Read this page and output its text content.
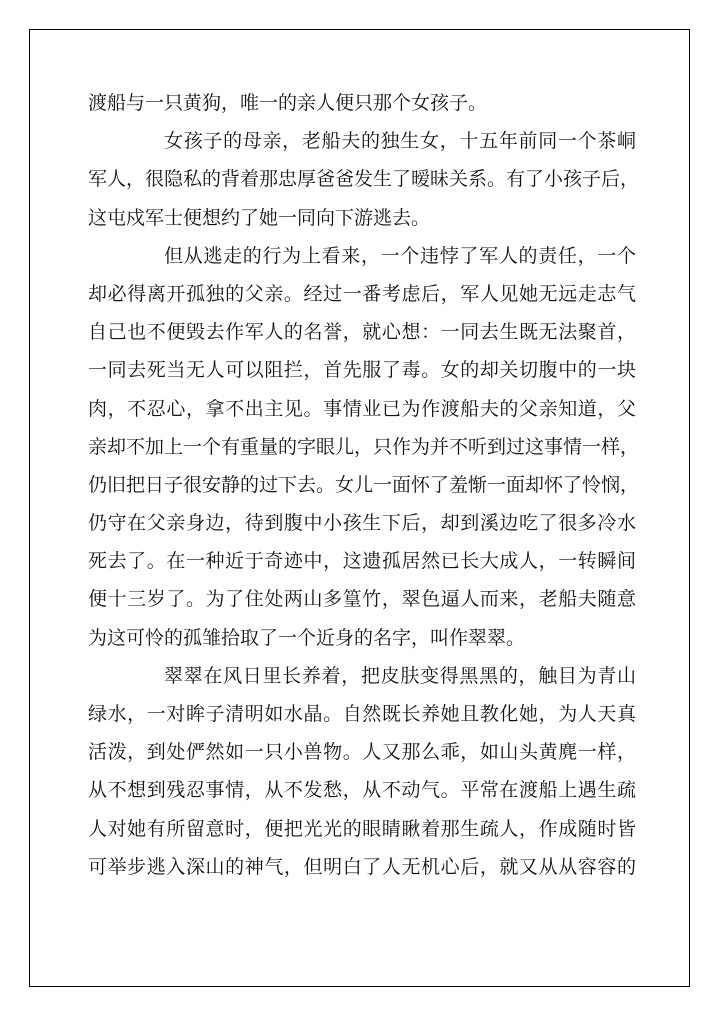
渡船与一只黄狗，唯一的亲人便只那个女孩子。
女孩子的母亲，老船夫的独生女，十五年前同一个茶峒
军人，很隐私的背着那忠厚爸爸发生了暧昧关系。有了小孩子后，
这屯戍军士便想约了她一同向下游逃去。
但从逃走的行为上看来，一个违悖了军人的责任，一个
却必得离开孤独的父亲。经过一番考虑后，军人见她无远走志气
自己也不便毁去作军人的名誉，就心想：一同去生既无法聚首，
一同去死当无人可以阻拦，首先服了毒。女的却关切腹中的一块
肉，不忍心，拿不出主见。事情业已为作渡船夫的父亲知道，父
亲却不加上一个有重量的字眼儿，只作为并不听到过这事情一样，
仍旧把日子很安静的过下去。女儿一面怀了羞惭一面却怀了怜悯，
仍守在父亲身边，待到腹中小孩生下后，却到溪边吃了很多冷水
死去了。在一种近于奇迹中，这遗孤居然已长大成人，一转瞬间
便十三岁了。为了住处两山多篁竹，翠色逼人而来，老船夫随意
为这可怜的孤雏拾取了一个近身的名字，叫作翠翠。
翠翠在风日里长养着，把皮肤变得黑黑的，触目为青山
绿水，一对眸子清明如水晶。自然既长养她且教化她，为人天真
活泼，到处俨然如一只小兽物。人又那么乖，如山头黄麂一样，
从不想到残忍事情，从不发愁，从不动气。平常在渡船上遇生疏
人对她有所留意时，便把光光的眼睛瞅着那生疏人，作成随时皆
可举步逃入深山的神气，但明白了人无机心后，就又从从容容的
